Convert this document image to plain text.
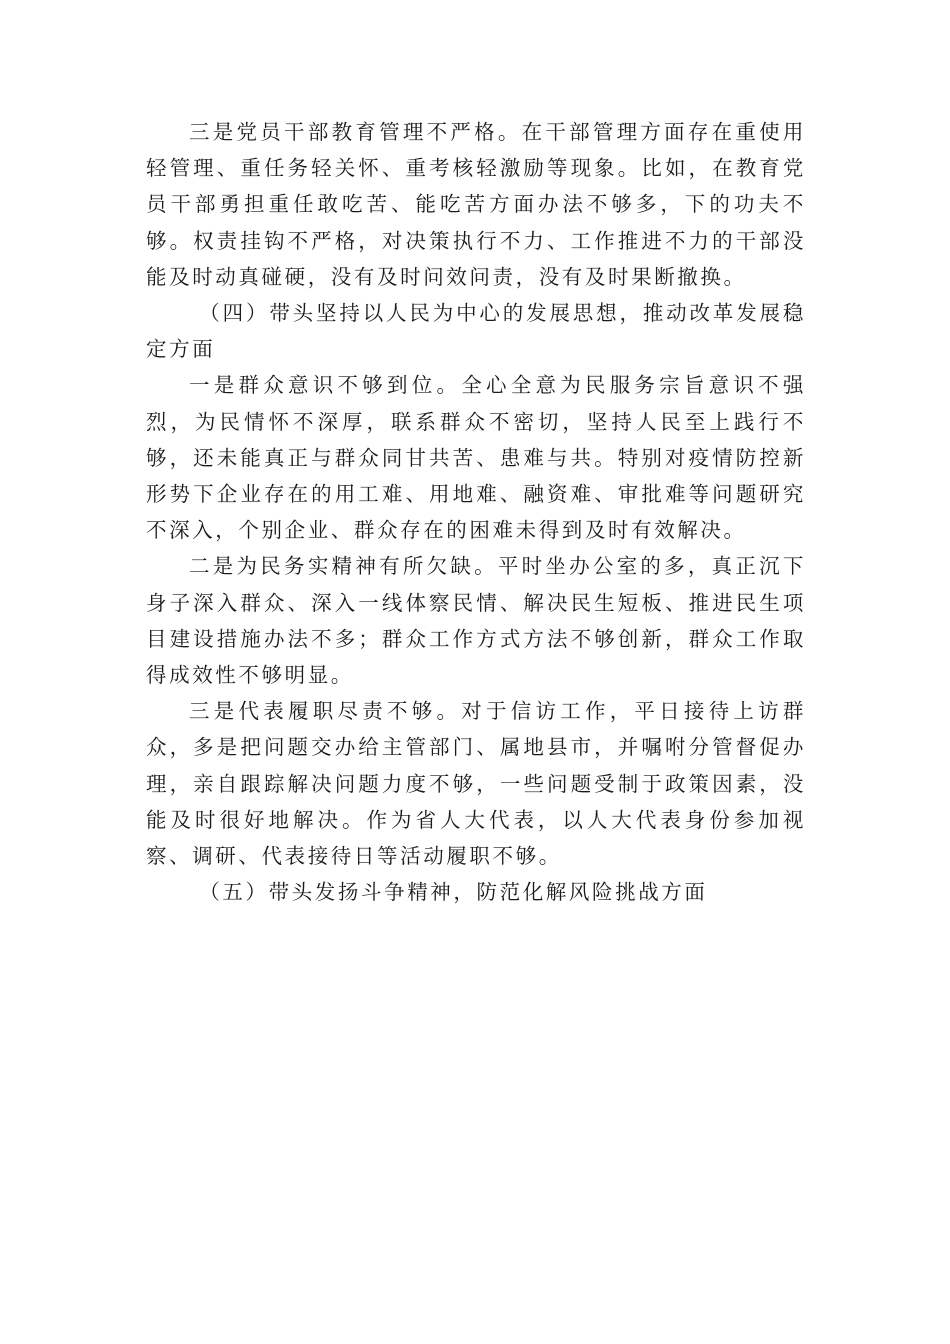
三是党员干部教育管理不严格。在干部管理方面存在重使用轻管理、重任务轻关怀、重考核轻激励等现象。比如，在教育党员干部勇担重任敢吃苦、能吃苦方面办法不够多，下的功夫不够。权责挂钩不严格，对决策执行不力、工作推进不力的干部没能及时动真碰硬，没有及时问效问责，没有及时果断撤换。

（四）带头坚持以人民为中心的发展思想，推动改革发展稳定方面

一是群众意识不够到位。全心全意为民服务宗旨意识不强烈，为民情怀不深厚，联系群众不密切，坚持人民至上践行不够，还未能真正与群众同甘共苦、患难与共。特别对疫情防控新形势下企业存在的用工难、用地难、融资难、审批难等问题研究不深入，个别企业、群众存在的困难未得到及时有效解决。

二是为民务实精神有所欠缺。平时坐办公室的多，真正沉下身子深入群众、深入一线体察民情、解决民生短板、推进民生项目建设措施办法不多；群众工作方式方法不够创新，群众工作取得成效性不够明显。

三是代表履职尽责不够。对于信访工作，平日接待上访群众，多是把问题交办给主管部门、属地县市，并嘱咐分管督促办理，亲自跟踪解决问题力度不够，一些问题受制于政策因素，没能及时很好地解决。作为省人大代表，以人大代表身份参加视察、调研、代表接待日等活动履职不够。

（五）带头发扬斗争精神，防范化解风险挑战方面
